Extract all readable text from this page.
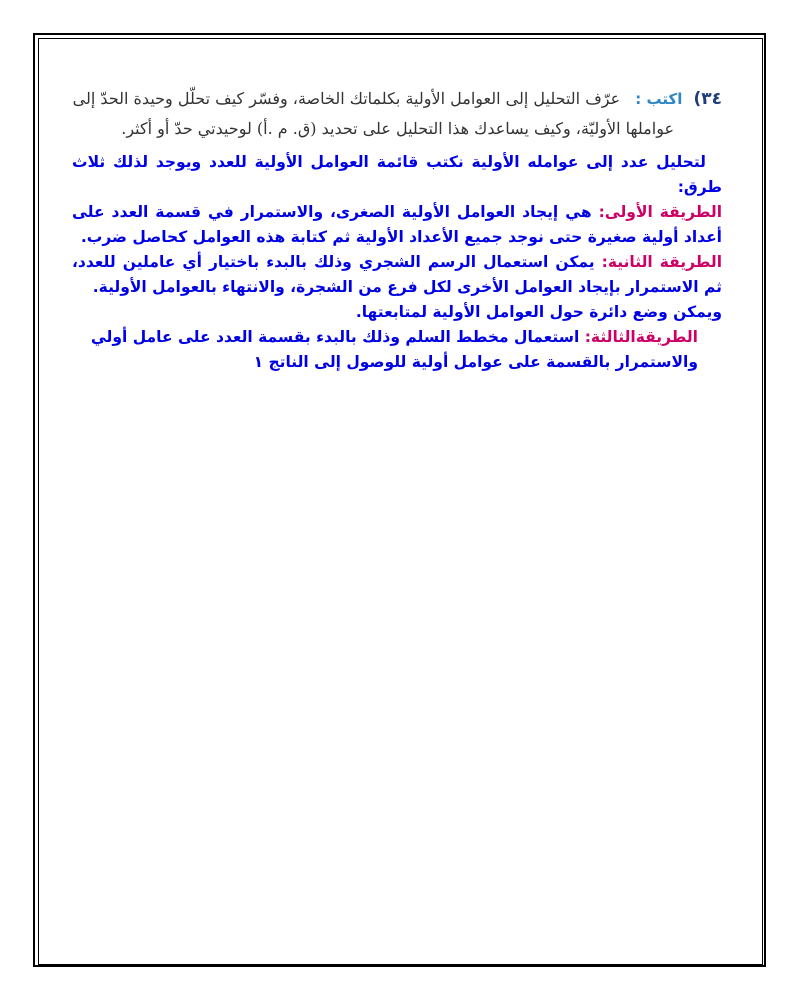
٣٤) اكتب : عرّف التحليل إلى العوامل الأولية بكلماتك الخاصة، وفسّر كيف تحلّل وحيدة الحدّ إلى
عواملها الأوليّة، وكيف يساعدك هذا التحليل على تحديد (ق. م .أ) لوحيدتي حدّ أو أكثر.

لتحليل عدد إلى عوامله الأولية نكتب قائمة العوامل الأولية للعدد ويوجد لذلك ثلاث طرق:

الطريقة الأولى: هي إيجاد العوامل الأولية الصغرى، والاستمرار في قسمة العدد على أعداد أولية صغيرة حتى نوجد جميع الأعداد الأولية ثم كتابة هذه العوامل كحاصل ضرب.

الطريقة الثانية: يمكن استعمال الرسم الشجري وذلك بالبدء باختيار أي عاملين للعدد، ثم الاستمرار بإيجاد العوامل الأخرى لكل فرع من الشجرة، والانتهاء بالعوامل الأولية.

ويمكن وضع دائرة حول العوامل الأولية لمتابعتها.

الطريقةالثالثة: استعمال مخطط السلم وذلك بالبدء بقسمة العدد على عامل أولي

والاستمرار بالقسمة على عوامل أولية للوصول إلى الناتج ١
